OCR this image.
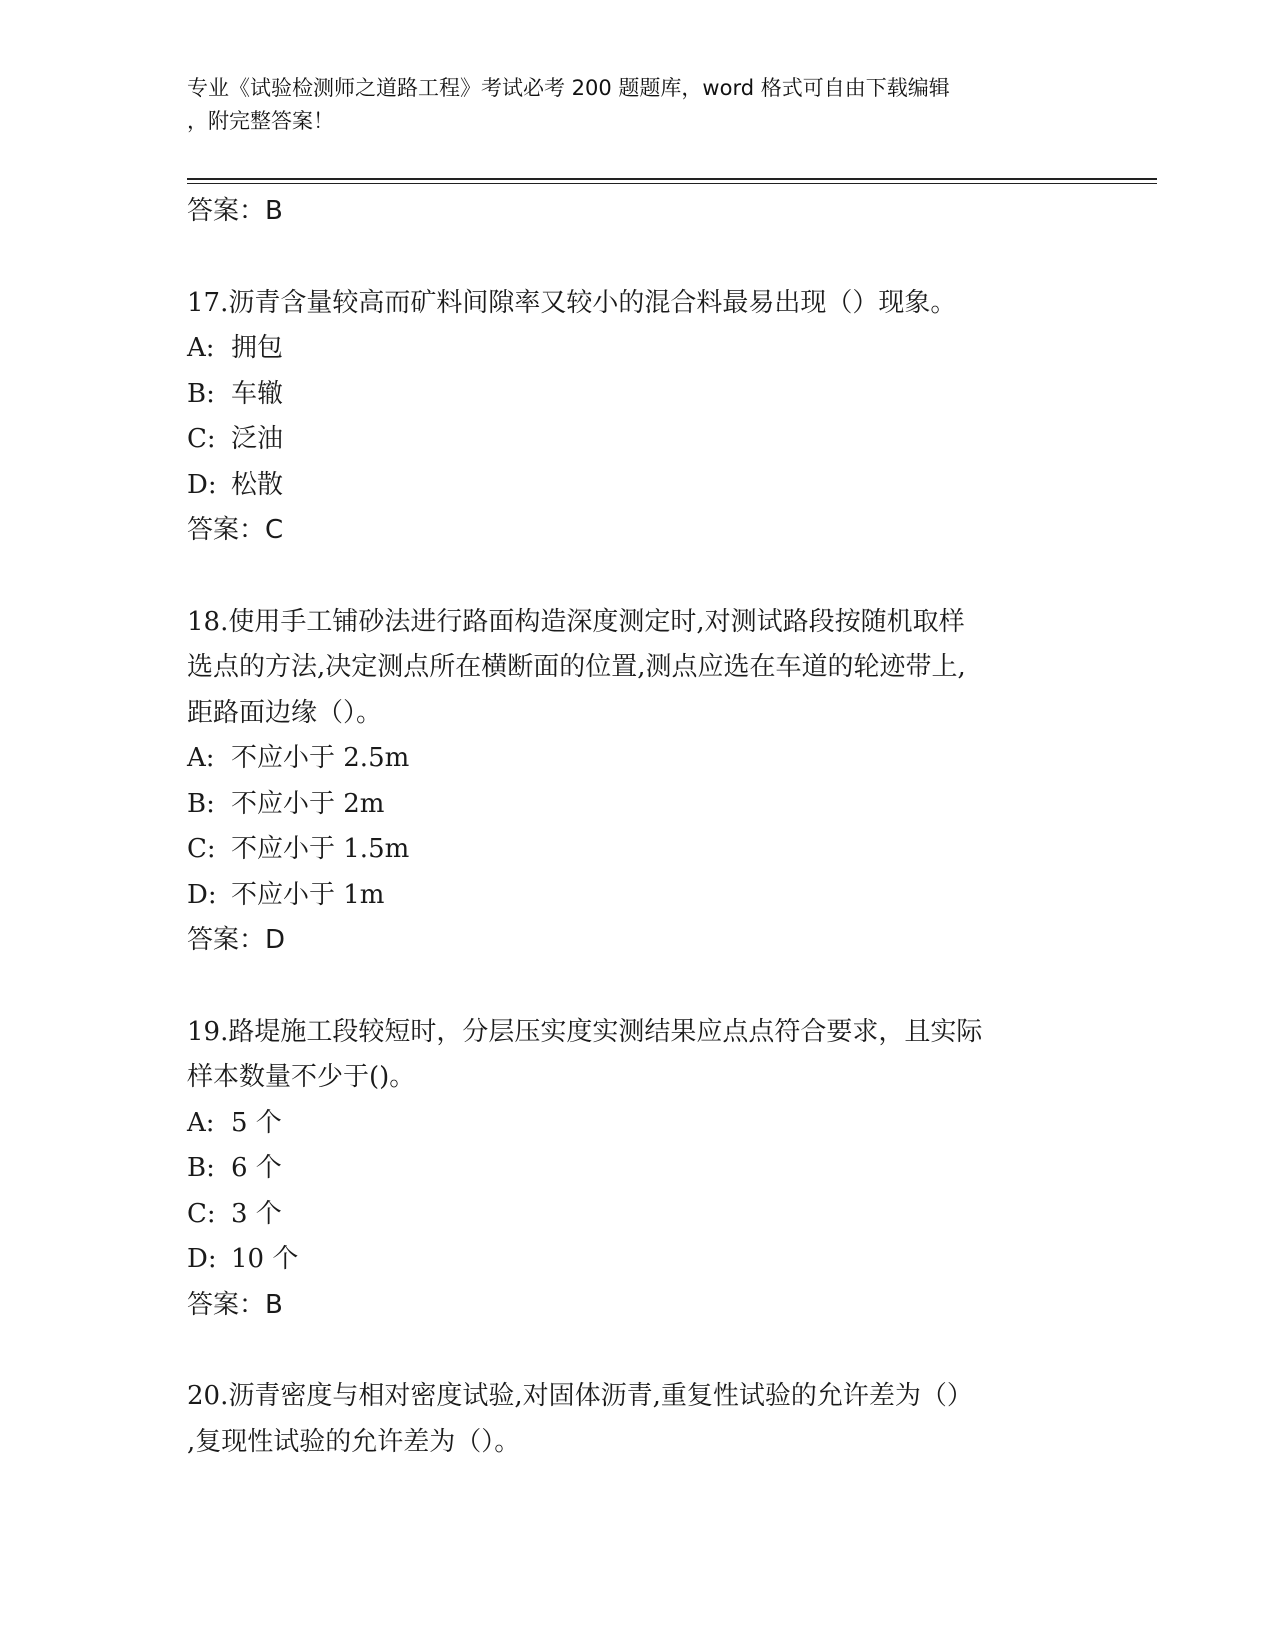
专业《试验检测师之道路工程》考试必考 200 题题库，word 格式可自由下载编辑
，附完整答案！
答案：B
17.沥青含量较高而矿料间隙率又较小的混合料最易出现（）现象。
A: 拥包
B: 车辙
C: 泛油
D: 松散
答案：C
18.使用手工铺砂法进行路面构造深度测定时,对测试路段按随机取样
选点的方法,决定测点所在横断面的位置,测点应选在车道的轮迹带上,
距路面边缘（）。
A: 不应小于 2.5m
B: 不应小于 2m
C: 不应小于 1.5m
D: 不应小于 1m
答案：D
19.路堤施工段较短时，分层压实度实测结果应点点符合要求，且实际
样本数量不少于()。
A: 5 个
B: 6 个
C: 3 个
D: 10 个
答案：B
20.沥青密度与相对密度试验,对固体沥青,重复性试验的允许差为（）
,复现性试验的允许差为（）。
